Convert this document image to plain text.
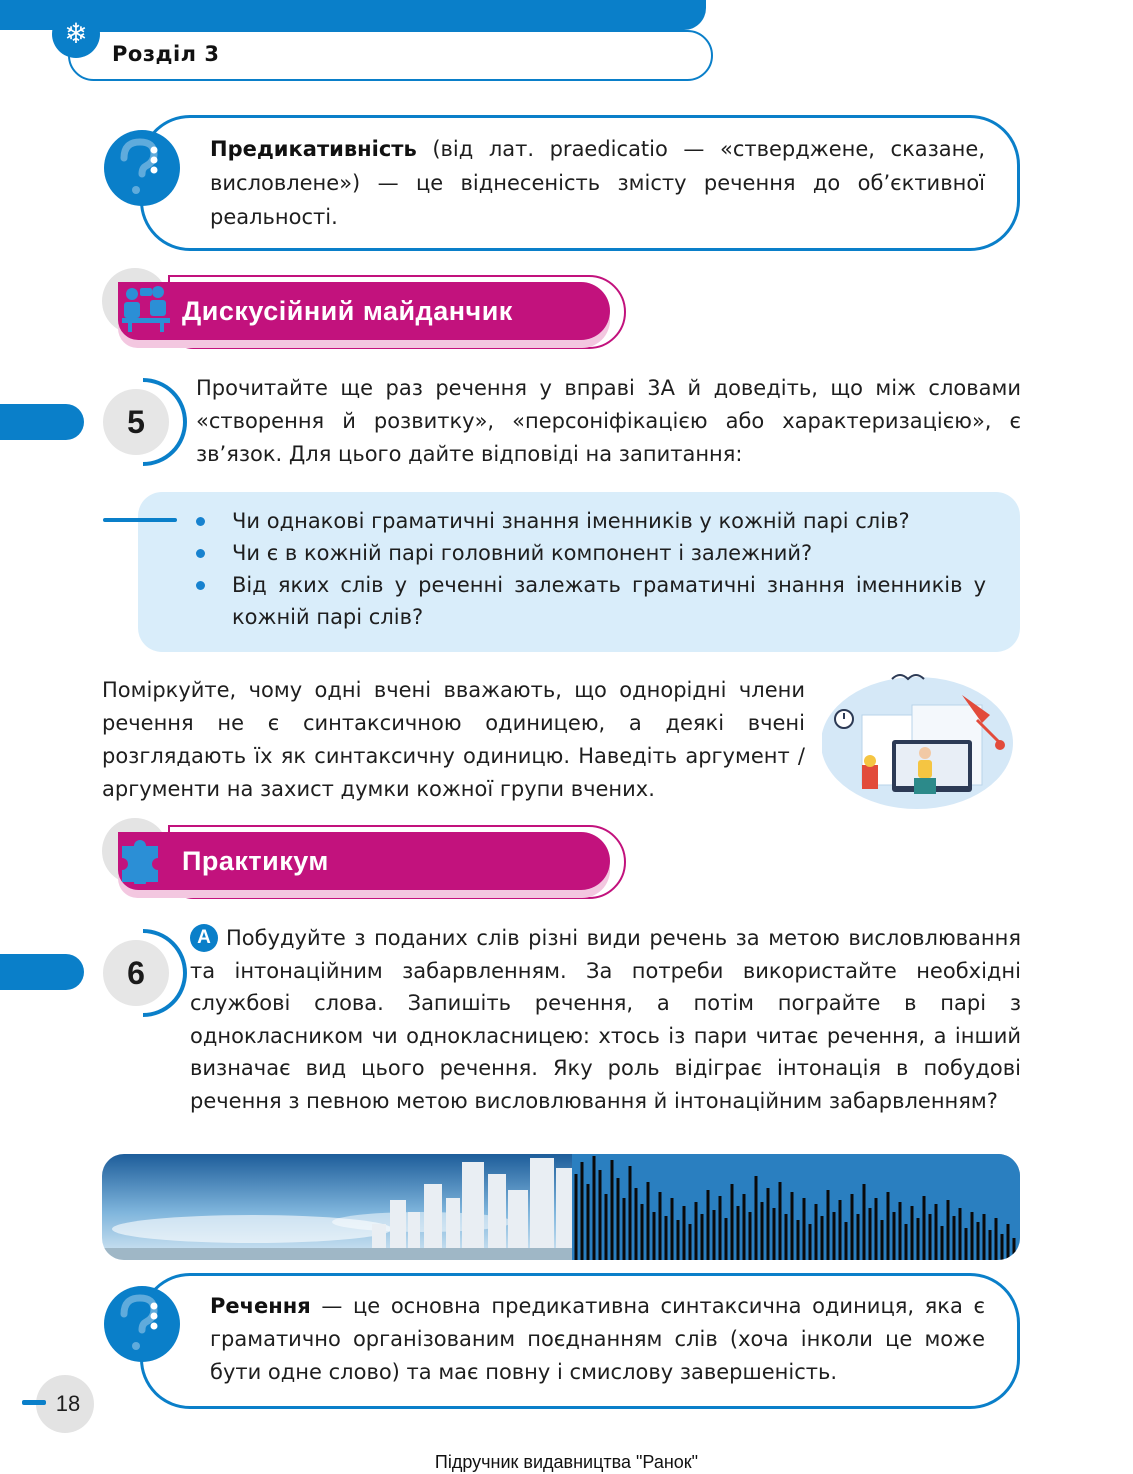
❄
Розділ 3
Предикативність (від лат. praedicatio — «стверджене, сказане, висловлене») — це віднесеність змісту речення до об’єктивної реальності.
Дискусійний майданчик
5
Прочитайте ще раз речення у вправі 3А й доведіть, що між словами «створення й розвитку», «персоніфікацією або характеризацією», є зв’язок. Для цього дайте відповіді на запитання:
Чи однакові граматичні знання іменників у кожній парі слів?
Чи є в кожній парі головний компонент і залежний?
Від яких слів у реченні залежать граматичні знання іменників у кожній парі слів?
Поміркуйте, чому одні вчені вважають, що однорідні члени речення не є синтаксичною одиницею, а деякі вчені розглядають їх як синтаксичну одиницю. Наведіть аргумент / аргументи на захист думки кожної групи вчених.
Практикум
6
А Побудуйте з поданих слів різні види речень за метою висловлювання та інтонаційним забарвленням. За потреби використайте необхідні службові слова. Запишіть речення, а потім пограйте в парі з однокласником чи однокласницею: хтось із пари читає речення, а інший визначає вид цього речення. Яку роль відіграє інтонація в побудові речення з певною метою висловлювання й інтонаційним забарвленням?
Речення — це основна предикативна синтаксична одиниця, яка є граматично організованим поєднанням слів (хоча інколи це може бути одне слово) та має повну і смислову завершеність.
18
Підручник видавництва "Ранок"
